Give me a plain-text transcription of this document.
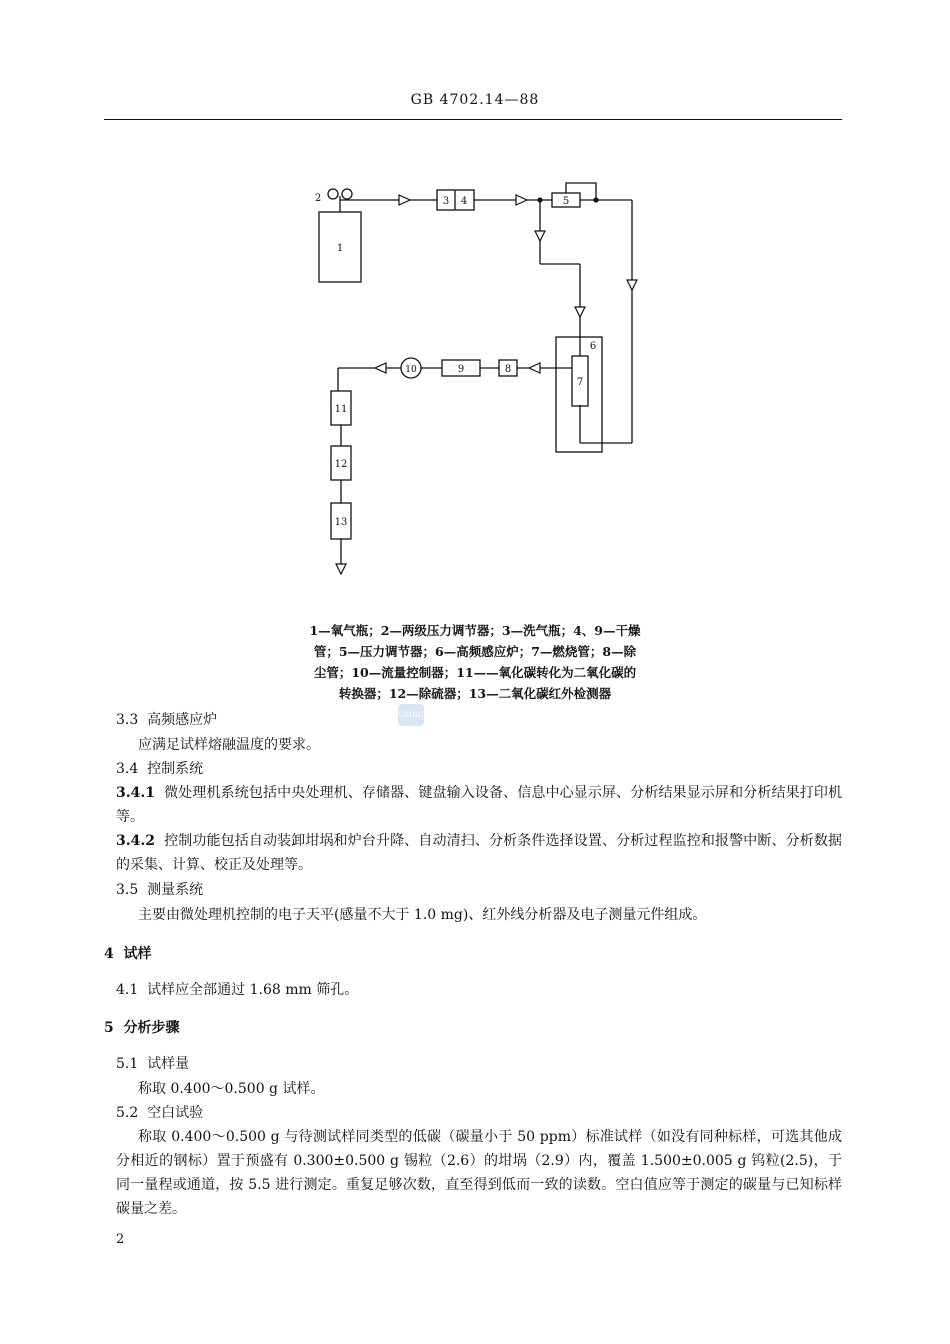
GB 4702.14—88
1
2	3 4	5
6
7
8
9
10
11
12
13
1—氧气瓶；2—两级压力调节器；3—洗气瓶；4、9—干燥
管；5—压力调节器；6—高频感应炉；7—燃烧管；8—除
尘管；10—流量控制器；11——氧化碳转化为二氧化碳的
转换器；12—除硫器；13—二氧化碳红外检测器
GSINC
3.3 高频感应炉
应满足试样熔融温度的要求。
3.4 控制系统
3.4.1 微处理机系统包括中央处理机、存储器、键盘输入设备、信息中心显示屏、分析结果显示屏和分析结果打印机等。
3.4.2 控制功能包括自动装卸坩埚和炉台升降、自动清扫、分析条件选择设置、分析过程监控和报警中断、分析数据的采集、计算、校正及处理等。
3.5 测量系统
主要由微处理机控制的电子天平(感量不大于 1.0 mg)、红外线分析器及电子测量元件组成。
4 试样
4.1 试样应全部通过 1.68 mm 筛孔。
5 分析步骤
5.1 试样量
称取 0.400～0.500 g 试样。
5.2 空白试验
称取 0.400～0.500 g 与待测试样同类型的低碳（碳量小于 50 ppm）标准试样（如没有同种标样，可选其他成分相近的钢标）置于预盛有 0.300±0.500 g 锡粒（2.6）的坩埚（2.9）内，覆盖 1.500±0.005 g 钨粒(2.5)，于同一量程或通道，按 5.5 进行测定。重复足够次数，直至得到低而一致的读数。空白值应等于测定的碳量与已知标样碳量之差。
2
